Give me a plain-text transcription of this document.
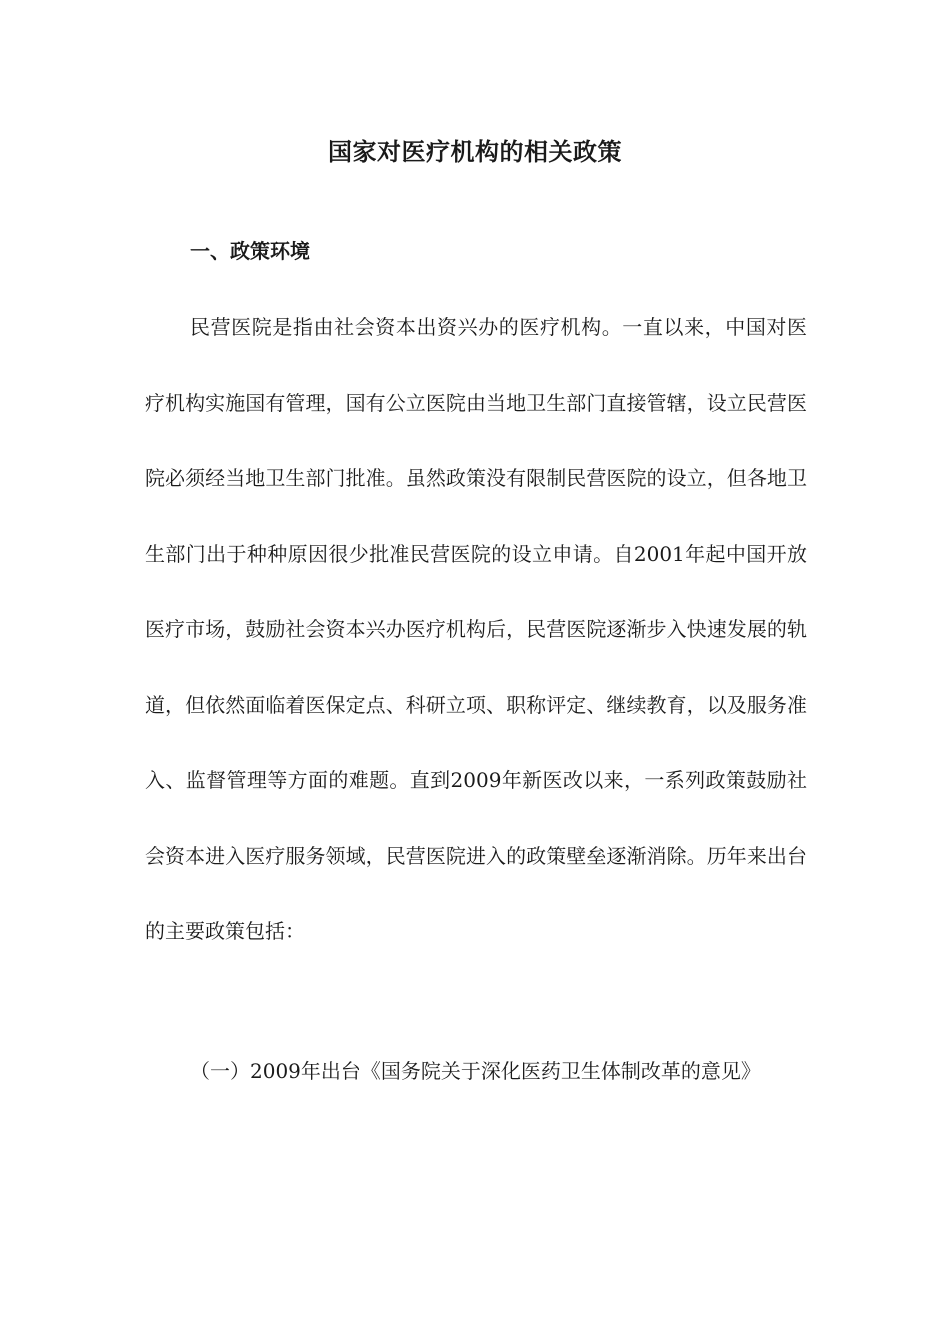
国家对医疗机构的相关政策
一、政策环境

民营医院是指由社会资本出资兴办的医疗机构。一直以来，中国对医疗机构实施国有管理，国有公立医院由当地卫生部门直接管辖，设立民营医院必须经当地卫生部门批准。虽然政策没有限制民营医院的设立，但各地卫生部门出于种种原因很少批准民营医院的设立申请。自2001年起中国开放医疗市场，鼓励社会资本兴办医疗机构后，民营医院逐渐步入快速发展的轨道，但依然面临着医保定点、科研立项、职称评定、继续教育，以及服务准入、监督管理等方面的难题。直到2009年新医改以来，一系列政策鼓励社会资本进入医疗服务领域，民营医院进入的政策壁垒逐渐消除。历年来出台的主要政策包括：

（一）2009年出台《国务院关于深化医药卫生体制改革的意见》
